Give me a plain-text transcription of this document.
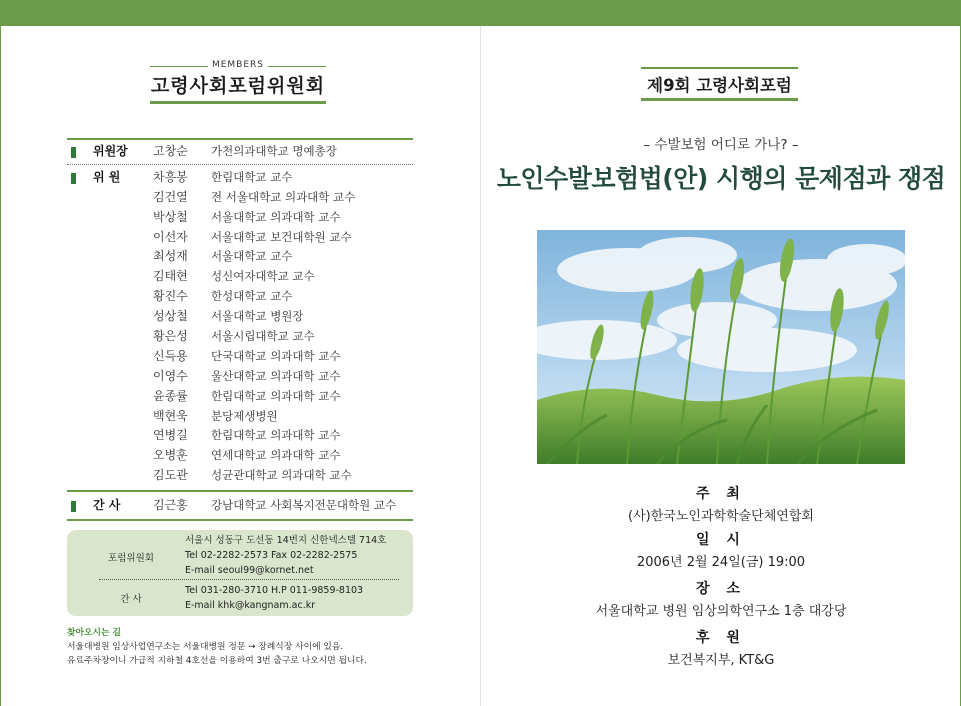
MEMBERS
고령사회포럼위원회
위원장 고창순 가천의과대학교 명예총장
위 원	차흥봉 한림대학교 교수
김건열 전 서울대학교 의과대학 교수
박상철 서울대학교 의과대학 교수
이선자 서울대학교 보건대학원 교수
최성재 서울대학교 교수
김태현 성신여자대학교 교수
황진수 한성대학교 교수
성상철 서울대학교 병원장
황은성 서울시립대학교 교수
신득용 단국대학교 의과대학 교수
이영수 울산대학교 의과대학 교수
윤종률 한림대학교 의과대학 교수
백현욱 분당제생병원
연병길 한림대학교 의과대학 교수
오병훈 연세대학교 의과대학 교수
김도관 성균관대학교 의과대학 교수
간 사	김근홍 강남대학교 사회복지전문대학원 교수
포럼위원회
서울시 성동구 도선동 14번지 신한넥스텔 714호
Tel 02-2282-2573 Fax 02-2282-2575
E-mail seoul99@kornet.net
간 사
Tel 031-280-3710 H.P 011-9859-8103
E-mail khk@kangnam.ac.kr
찾아오시는 길
서울대병원 임상사업연구소는 서울대병원 정문 → 장례식장 사이에 있음.
유료주차장이니 가급적 지하철 4호선을 이용하여 3번 출구로 나오시면 됩니다.
제9회 고령사회포럼
– 수발보험 어디로 가나? –
노인수발보험법(안) 시행의 문제점과 쟁점
주 최
(사)한국노인과학학술단체연합회
일 시
2006년 2월 24일(금) 19:00
장 소
서울대학교 병원 임상의학연구소 1층 대강당
후 원
보건복지부, KT&G
